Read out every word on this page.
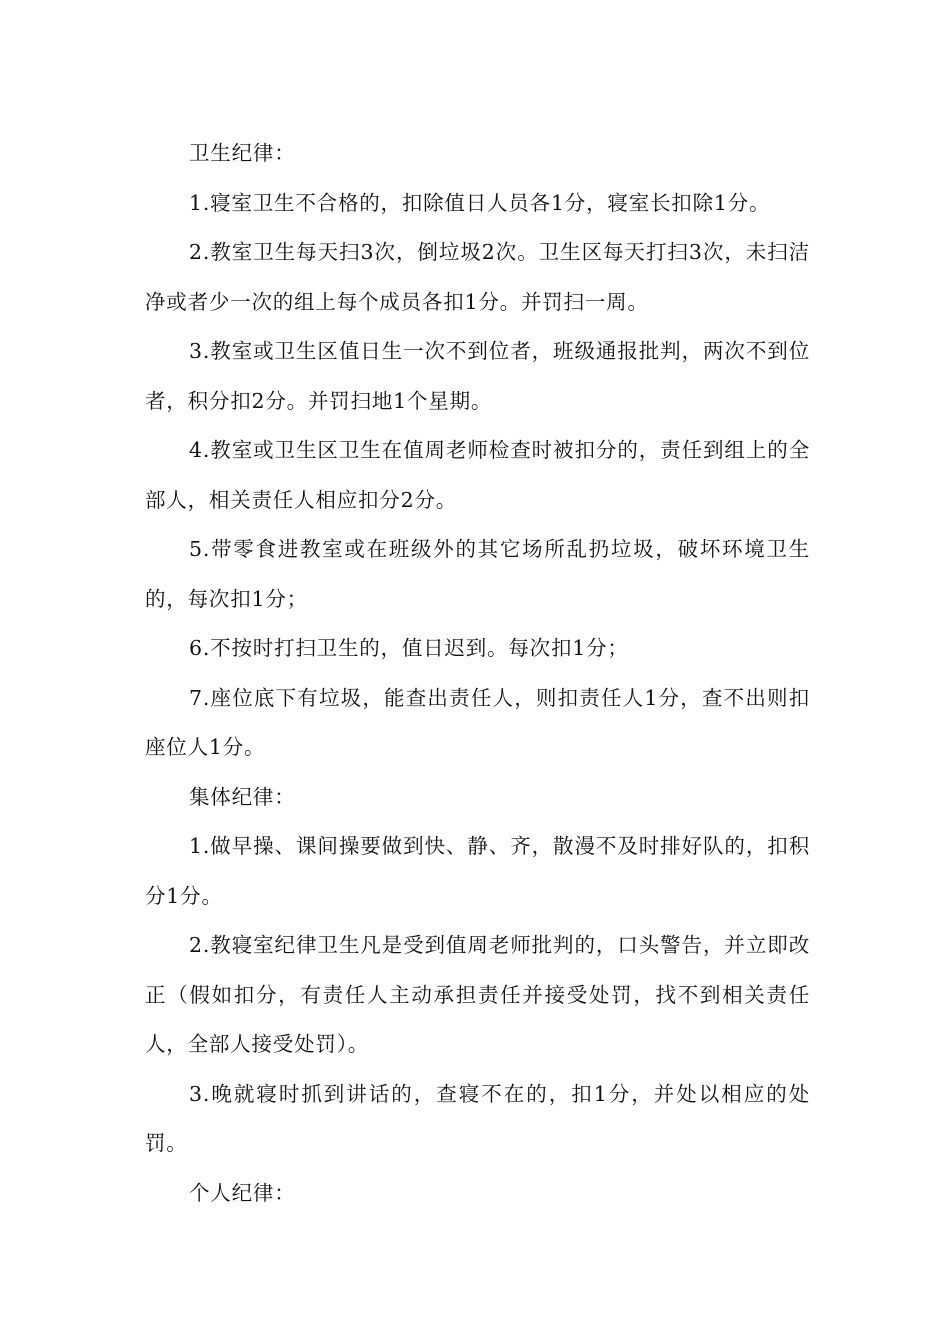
卫生纪律：

1.寝室卫生不合格的，扣除值日人员各1分，寝室长扣除1分。

2.教室卫生每天扫3次，倒垃圾2次。卫生区每天打扫3次，未扫洁净或者少一次的组上每个成员各扣1分。并罚扫一周。

3.教室或卫生区值日生一次不到位者，班级通报批判，两次不到位者，积分扣2分。并罚扫地1个星期。

4.教室或卫生区卫生在值周老师检查时被扣分的，责任到组上的全部人，相关责任人相应扣分2分。

5.带零食进教室或在班级外的其它场所乱扔垃圾，破坏环境卫生的，每次扣1分；

6.不按时打扫卫生的，值日迟到。每次扣1分；

7.座位底下有垃圾，能查出责任人，则扣责任人1分，查不出则扣座位人1分。

集体纪律：

1.做早操、课间操要做到快、静、齐，散漫不及时排好队的，扣积分1分。

2.教寝室纪律卫生凡是受到值周老师批判的，口头警告，并立即改正（假如扣分，有责任人主动承担责任并接受处罚，找不到相关责任人，全部人接受处罚）。

3.晚就寝时抓到讲话的，查寝不在的，扣1分，并处以相应的处罚。

个人纪律：
